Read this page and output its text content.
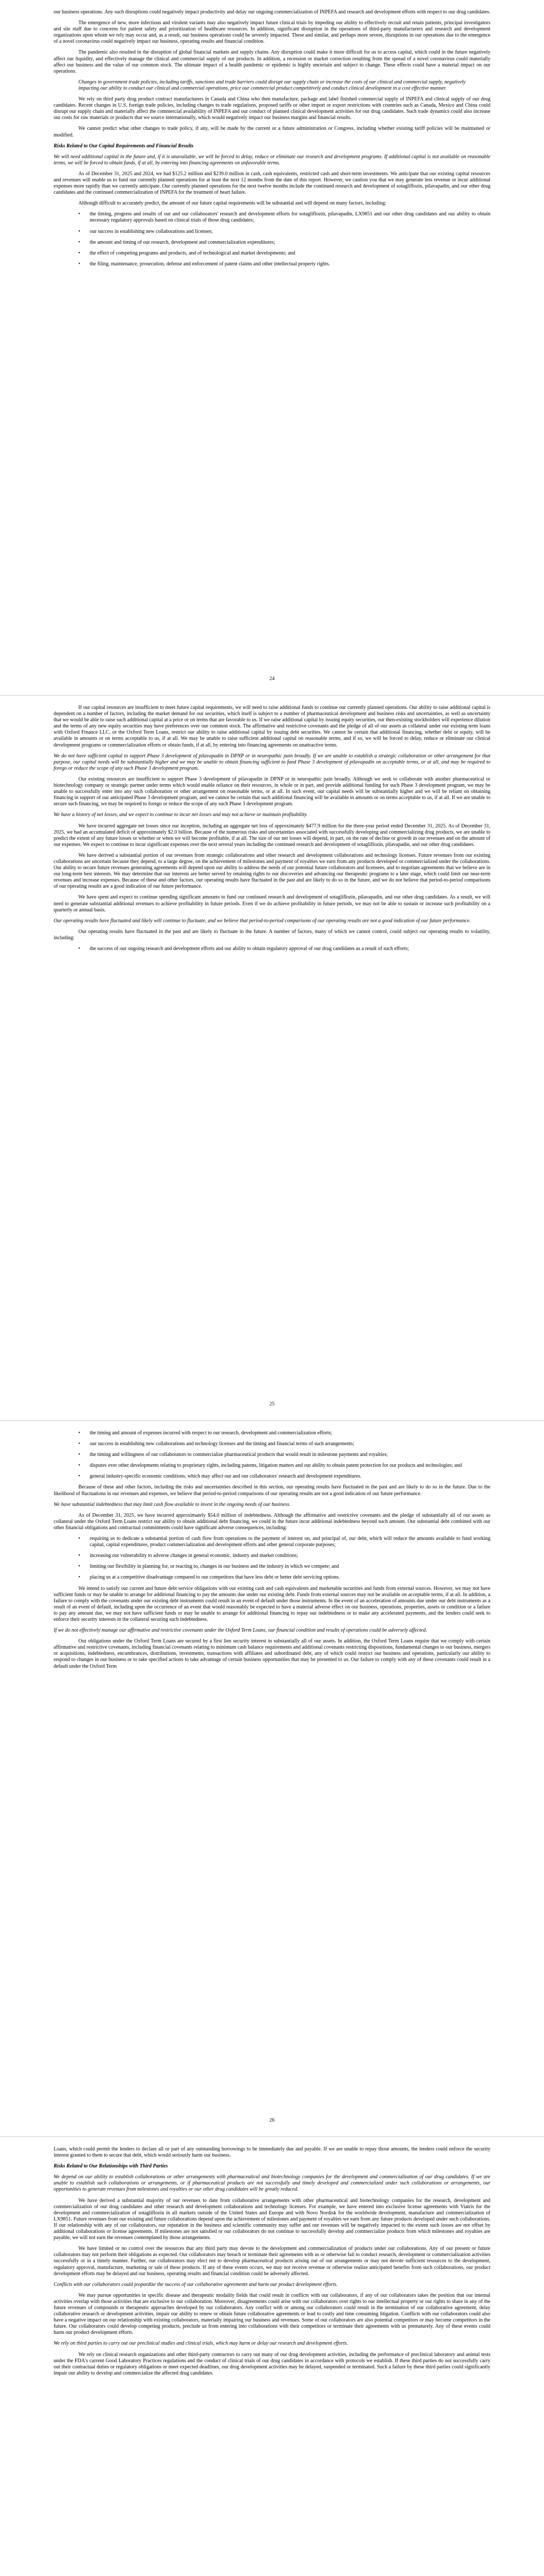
our business operations. Any such disruptions could negatively impact productivity and delay our ongoing commercialization of INPEFA and research and development efforts with respect to our drug candidates.

The emergence of new, more infectious and virulent variants may also negatively impact future clinical trials by impeding our ability to effectively recruit and retain patients, principal investigators and site staff due to concerns for patient safety and prioritization of healthcare resources. In addition, significant disruption in the operations of third-party manufacturers and research and development organizations upon whom we rely may occur and, as a result, our business operations could be severely impacted. These and similar, and perhaps more severe, disruptions in our operations due to the emergence of a novel coronavirus could negatively impact our business, operating results and financial condition.

The pandemic also resulted in the disruption of global financial markets and supply chains. Any disruption could make it more difficult for us to access capital, which could in the future negatively affect our liquidity, and effectively manage the clinical and commercial supply of our products. In addition, a recession or market correction resulting from the spread of a novel coronavirus could materially affect our business and the value of our common stock. The ultimate impact of a health pandemic or epidemic is highly uncertain and subject to change. These effects could have a material impact on our operations.

Changes in government trade policies, including tariffs, sanctions and trade barriers could disrupt our supply chain or increase the costs of our clinical and commercial supply, negatively impacting our ability to conduct our clinical and commercial operations, price our commercial product competitively and conduct clinical development in a cost effective manner.

We rely on third party drug product contract manufacturers in Canada and China who then manufacture, package and label finished commercial supply of INPEFA and clinical supply of our drug candidates. Recent changes in U.S. foreign trade policies, including changes to trade regulations, proposed tariffs or other import or export restrictions with countries such as Canada, Mexico and China could disrupt our supply chain and materially affect the commercial availability of INPEFA and our conduct of planned clinical development activities for our drug candidates. Such trade dynamics could also increase our costs for raw materials or products that we source internationally, which would negatively impact our business margins and financial results.

We cannot predict what other changes to trade policy, if any, will be made by the current or a future administration or Congress, including whether existing tariff policies will be maintained or modified.

Risks Related to Our Capital Requirements and Financial Results

We will need additional capital in the future and, if it is unavailable, we will be forced to delay, reduce or eliminate our research and development programs. If additional capital is not available on reasonable terms, we will be forced to obtain funds, if at all, by entering into financing agreements on unfavorable terms.

As of December 31, 2025 and 2024, we had $125.2 million and $239.0 million in cash, cash equivalents, restricted cash and short-term investments. We anticipate that our existing capital resources and revenues will enable us to fund our currently planned operations for at least the next 12 months from the date of this report. However, we caution you that we may generate less revenue or incur additional expenses more rapidly than we currently anticipate. Our currently planned operations for the next twelve months include the continued research and development of sotagliflozin, pilavapadin, and our other drug candidates and the continued commercialization of INPEFA for the treatment of heart failure.

Although difficult to accurately predict, the amount of our future capital requirements will be substantial and will depend on many factors, including:

• the timing, progress and results of our and our collaborators' research and development efforts for sotagliflozin, pilavapadin, LX9851 and our other drug candidates and our ability to obtain necessary regulatory approvals based on clinical trials of those drug candidates;
• our success in establishing new collaborations and licenses;
• the amount and timing of our research, development and commercialization expenditures;
• the effect of competing programs and products, and of technological and market developments; and
• the filing, maintenance, prosecution, defense and enforcement of patent claims and other intellectual property rights.
24

If our capital resources are insufficient to meet future capital requirements, we will need to raise additional funds to continue our currently planned operations. Our ability to raise additional capital is dependent on a number of factors, including the market demand for our securities, which itself is subject to a number of pharmaceutical development and business risks and uncertainties, as well as uncertainty that we would be able to raise such additional capital at a price or on terms that are favorable to us. If we raise additional capital by issuing equity securities, our then-existing stockholders will experience dilution and the terms of any new equity securities may have preferences over our common stock. The affirmative and restrictive covenants and the pledge of all of our assets as collateral under our existing term loans with Oxford Finance LLC, or the Oxford Term Loans, restrict our ability to raise additional capital by issuing debt securities. We cannot be certain that additional financing, whether debt or equity, will be available in amounts or on terms acceptable to us, if at all. We may be unable to raise sufficient additional capital on reasonable terms, and if so, we will be forced to delay, reduce or eliminate our clinical development programs or commercialization efforts or obtain funds, if at all, by entering into financing agreements on unattractive terms.

We do not have sufficient capital to support Phase 3 development of pilavapadin in DPNP or in neuropathic pain broadly. If we are unable to establish a strategic collaboration or other arrangement for that purpose, our capital needs will be substantially higher and we may be unable to obtain financing sufficient to fund Phase 3 development of pilavapadin on acceptable terms, or at all, and may be required to forego or reduce the scope of any such Phase 3 development program.

Our existing resources are insufficient to support Phase 3 development of pilavapadin in DPNP or in neuropathic pain broadly. Although we seek to collaborate with another pharmaceutical or biotechnology company or strategic partner under terms which would enable reliance on their resources, in whole or in part, and provide additional funding for such Phase 3 development program, we may be unable to successfully enter into any such collaboration or other arrangement on reasonable terms, or at all. In such event, our capital needs will be substantially higher and we will be reliant on obtaining financing in support of our anticipated Phase 3 development program, and we cannot be certain that such additional financing will be available in amounts or on terms acceptable to us, if at all. If we are unable to secure such financing, we may be required to forego or reduce the scope of any such Phase 3 development program.

We have a history of net losses, and we expect to continue to incur net losses and may not achieve or maintain profitability.

We have incurred aggregate net losses since our inception, including an aggregate net loss of approximately $477.9 million for the three-year period ended December 31, 2025. As of December 31, 2025, we had an accumulated deficit of approximately $2.0 billion. Because of the numerous risks and uncertainties associated with successfully developing and commercializing drug products, we are unable to predict the extent of any future losses or whether or when we will become profitable, if at all. The size of our net losses will depend, in part, on the rate of decline or growth in our revenues and on the amount of our expenses. We expect to continue to incur significant expenses over the next several years including the continued research and development of sotagliflozin, pilavapadin, and our other drug candidates.

We have derived a substantial portion of our revenues from strategic collaborations and other research and development collaborations and technology licenses. Future revenues from our existing collaborations are uncertain because they depend, to a large degree, on the achievement of milestones and payment of royalties we earn from any products developed or commercialized under the collaborations. Our ability to secure future revenues generating agreements will depend upon our ability to address the needs of our potential future collaborators and licensees, and to negotiate agreements that we believe are in our long-term best interests. We may determine that our interests are better served by retaining rights to our discoveries and advancing our therapeutic programs to a later stage, which could limit our near-term revenues and increase expenses. Because of these and other factors, our operating results have fluctuated in the past and are likely to do so in the future, and we do not believe that period-to-period comparisons of our operating results are a good indication of our future performance.

We have spent and expect to continue spending significant amounts to fund our continued research and development of sotagliflozin, pilavapadin, and our other drug candidates. As a result, we will need to generate substantial additional revenues to achieve profitability in future periods. Even if we do achieve profitability in future periods, we may not be able to sustain or increase such profitability on a quarterly or annual basis.

Our operating results have fluctuated and likely will continue to fluctuate, and we believe that period-to-period comparisons of our operating results are not a good indication of our future performance.

Our operating results have fluctuated in the past and are likely to fluctuate in the future. A number of factors, many of which we cannot control, could subject our operating results to volatility, including:

• the success of our ongoing research and development efforts and our ability to obtain regulatory approval of our drug candidates as a result of such efforts;
25
• the timing and amount of expenses incurred with respect to our research, development and commercialization efforts;
• our success in establishing new collaborations and technology licenses and the timing and financial terms of such arrangements;
• the timing and willingness of our collaborators to commercialize pharmaceutical products that would result in milestone payments and royalties;
• disputes over other developments relating to proprietary rights, including patents, litigation matters and our ability to obtain patent protection for our products and technologies; and
• general industry-specific economic conditions, which may affect our and our collaborators' research and development expenditures.

Because of these and other factors, including the risks and uncertainties described in this section, our operating results have fluctuated in the past and are likely to do so in the future. Due to the likelihood of fluctuations in our revenues and expenses, we believe that period-to-period comparisons of our operating results are not a good indication of our future performance.

We have substantial indebtedness that may limit cash flow available to invest in the ongoing needs of our business.

As of December 31, 2025, we have incurred approximately $54.0 million of indebtedness. Although the affirmative and restrictive covenants and the pledge of substantially all of our assets as collateral under the Oxford Term Loans restrict our ability to obtain additional debt financing, we could in the future incur additional indebtedness beyond such amount. Our substantial debt combined with our other financial obligations and contractual commitments could have significant adverse consequences, including:

• requiring us to dedicate a substantial portion of cash flow from operations to the payment of interest on, and principal of, our debt, which will reduce the amounts available to fund working capital, capital expenditures, product commercialization and development efforts and other general corporate purposes;
• increasing our vulnerability to adverse changes in general economic, industry and market conditions;
• limiting our flexibility in planning for, or reacting to, changes in our business and the industry in which we compete; and
• placing us at a competitive disadvantage compared to our competitors that have less debt or better debt servicing options.

We intend to satisfy our current and future debt service obligations with our existing cash and cash equivalents and marketable securities and funds from external sources. However, we may not have sufficient funds or may be unable to arrange for additional financing to pay the amounts due under our existing debt. Funds from external sources may not be available on acceptable terms, if at all. In addition, a failure to comply with the covenants under our existing debt instruments could result in an event of default under those instruments. In the event of an acceleration of amounts due under our debt instruments as a result of an event of default, including upon the occurrence of an event that would reasonably be expected to have a material adverse effect on our business, operations, properties, assets or condition or a failure to pay any amount due, we may not have sufficient funds or may be unable to arrange for additional financing to repay our indebtedness or to make any accelerated payments, and the lenders could seek to enforce their security interests in the collateral securing such indebtedness.

If we do not effectively manage our affirmative and restrictive covenants under the Oxford Term Loans, our financial condition and results of operations could be adversely affected.

Our obligations under the Oxford Term Loans are secured by a first lien security interest in substantially all of our assets. In addition, the Oxford Term Loans require that we comply with certain affirmative and restrictive covenants, including financial covenants relating to minimum cash balance requirements and additional covenants restricting dispositions, fundamental changes to our business, mergers or acquisitions, indebtedness, encumbrances, distributions, investments, transactions with affiliates and subordinated debt, any of which could restrict our business and operations, particularly our ability to respond to changes in our business or to take specified actions to take advantage of certain business opportunities that may be presented to us. Our failure to comply with any of these covenants could result in a default under the Oxford Term

26

Loans, which could permit the lenders to declare all or part of any outstanding borrowings to be immediately due and payable. If we are unable to repay those amounts, the lenders could enforce the security interest granted to them to secure that debt, which would seriously harm our business.

Risks Related to Our Relationships with Third Parties

We depend on our ability to establish collaborations or other arrangements with pharmaceutical and biotechnology companies for the development and commercialization of our drug candidates. If we are unable to establish such collaborations or arrangements, or if pharmaceutical products are not successfully and timely developed and commercialized under such collaborations or arrangements, our opportunities to generate revenues from milestones and royalties or our other drug candidates will be greatly reduced.

We have derived a substantial majority of our revenues to date from collaborative arrangements with other pharmaceutical and biotechnology companies for the research, development and commercialization of our drug candidates and other research and development collaborations and technology licenses. For example, we have entered into exclusive license agreements with Viatris for the development and commercialization of sotagliflozin in all markets outside of the United States and Europe and with Novo Nordisk for the worldwide development, manufacture and commercialization of LX9851. Future revenues from our existing and future collaborations depend upon the achievement of milestones and payment of royalties we earn from any future products developed under such collaborations. If our relationship with any of our collaborators, our reputation in the business and scientific community may suffer and our revenues will be negatively impacted to the extent such losses are not offset by additional collaborations or license agreements. If milestones are not satisfied or our collaborators do not continue to successfully develop and commercialize products from which milestones and royalties are payable, we will not earn the revenues contemplated by those arrangements.

We have limited or no control over the resources that any third party may devote to the development and commercialization of products under our collaborations. Any of our present or future collaborators may not perform their obligations as expected. Our collaborators may breach or terminate their agreements with us or otherwise fail to conduct research, development or commercialization activities successfully or in a timely manner. Further, our collaborators may elect not to develop pharmaceutical products arising out of our arrangements or may not devote sufficient resources to the development, regulatory approval, manufacture, marketing or sale of these products. If any of these events occurs, we may not receive revenue or otherwise realize anticipated benefits from such collaborations, our product development efforts may be delayed and our business, operating results and financial condition could be adversely affected.

Conflicts with our collaborators could jeopardize the success of our collaborative agreements and harm our product development efforts.

We may pursue opportunities in specific disease and therapeutic modality fields that could result in conflicts with our collaborators, if any of our collaborators takes the position that our internal activities overlap with those activities that are exclusive to our collaboration. Moreover, disagreements could arise with our collaborators over rights to our intellectual property or our rights to share in any of the future revenues of compounds or therapeutic approaches developed by our collaborators. Any conflict with or among our collaborators could result in the termination of our collaborative agreement, delay collaborative research or development activities, impair our ability to renew or obtain future collaborative agreements or lead to costly and time consuming litigation. Conflicts with our collaborators could also have a negative impact on our relationship with existing collaborators, materially impairing our business and revenues. Some of our collaborators are also potential competitors or may become competitors in the future. Our collaborators could develop competing products, preclude us from entering into collaborations with their competitors or terminate their agreements with us prematurely. Any of these events could harm our product development efforts.

We rely on third parties to carry out our preclinical studies and clinical trials, which may harm or delay our research and development efforts.

We rely on clinical research organizations and other third-party contractors to carry out many of our drug development activities, including the performance of preclinical laboratory and animal tests under the FDA's current Good Laboratory Practices regulations and the conduct of clinical trials of our drug candidates in accordance with protocols we establish. If these third parties do not successfully carry out their contractual duties or regulatory obligations or meet expected deadlines, our drug development activities may be delayed, suspended or terminated. Such a failure by these third parties could significantly impair our ability to develop and commercialize the affected drug candidates.
